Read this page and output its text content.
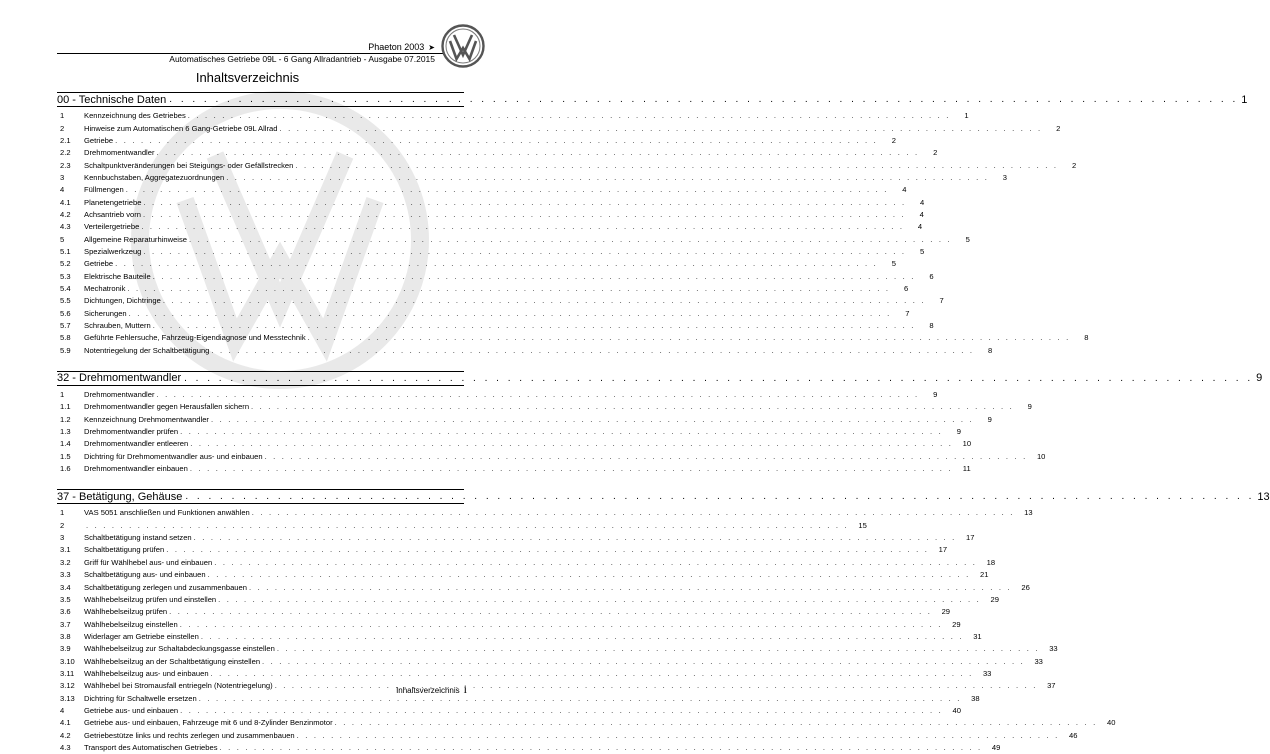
Phaeton 2003 ➤
Automatisches Getriebe 09L - 6 Gang Allradantrieb - Ausgabe 07.2015
Inhaltsverzeichnis
00 - Technische Daten . . .	1
1	Kennzeichnung des Getriebes . . .	1
2	Hinweise zum Automatischen 6 Gang-Getriebe 09L Allrad . . .	2
2.1	Getriebe . . .	2
2.2	Drehmomentwandler . . .	2
2.3	Schaltpunktveränderungen bei Steigungs- oder Gefällstrecken . . .	2
3	Kennbuchstaben, Aggregatezuordnungen . . .	3
4	Füllmengen . . .	4
4.1	Planetengetriebe . . .	4
4.2	Achsantrieb vorn . . .	4
4.3	Verteilergetriebe . . .	4
5	Allgemeine Reparaturhinweise . . .	5
5.1	Spezialwerkzeug . . .	5
5.2	Getriebe . . .	5
5.3	Elektrische Bauteile . . .	6
5.4	Mechatronik . . .	6
5.5	Dichtungen, Dichtringe . . .	7
5.6	Sicherungen . . .	7
5.7	Schrauben, Muttern . . .	8
5.8	Geführte Fehlersuche, Fahrzeug-Eigendiagnose und Messtechnik . . .	8
5.9	Notentriegelung der Schaltbetätigung . . .	8
32 - Drehmomentwandler . . .	9
1	Drehmomentwandler . . .	9
1.1	Drehmomentwandler gegen Herausfallen sichern . . .	9
1.2	Kennzeichnung Drehmomentwandler . . .	9
1.3	Drehmomentwandler prüfen . . .	9
1.4	Drehmomentwandler entleeren . . .	10
1.5	Dichtring für Drehmomentwandler aus- und einbauen . . .	10
1.6	Drehmomentwandler einbauen . . .	11
37 - Betätigung, Gehäuse . . .	13
1	VAS 5051 anschließen und Funktionen anwählen . . .	13
2 . . .	15
3	Schaltbetätigung instand setzen . . .	17
3.1	Schaltbetätigung prüfen . . .	17
3.2	Griff für Wählhebel aus- und einbauen . . .	18
3.3	Schaltbetätigung aus- und einbauen . . .	21
3.4	Schaltbetätigung zerlegen und zusammenbauen . . .	26
3.5	Wählhebelseilzug prüfen und einstellen . . .	29
3.6	Wählhebelseilzug prüfen . . .	29
3.7	Wählhebelseilzug einstellen . . .	29
3.8	Widerlager am Getriebe einstellen . . .	31
3.9	Wählhebelseilzug zur Schaltabdeckungsgasse einstellen . . .	33
3.10	Wählhebelseilzug an der Schaltbetätigung einstellen . . .	33
3.11	Wählhebelseilzug aus- und einbauen . . .	33
3.12	Wählhebel bei Stromausfall entriegeln (Notentriegelung) . . .	37
3.13	Dichtring für Schaltwelle ersetzen . . .	38
4	Getriebe aus- und einbauen . . .	40
4.1	Getriebe aus- und einbauen, Fahrzeuge mit 6 und 8-Zylinder Benzinmotor . . .	40
4.2	Getriebestütze links und rechts zerlegen und zusammenbauen . . .	46
4.3	Transport des Automatischen Getriebes . . .	49
Inhaltsverzeichnis i
